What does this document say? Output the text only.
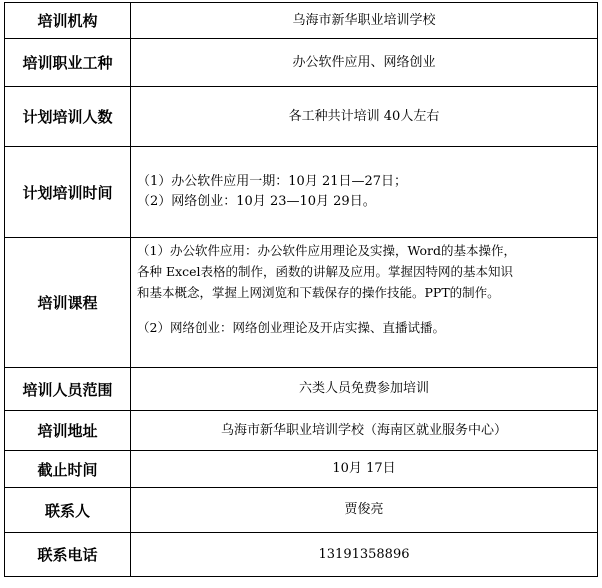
培训机构	乌海市新华职业培训学校
培训职业工种	办公软件应用、网络创业
计划培训人数	各工种共计培训 40人左右
计划培训时间	（1）办公软件应用一期：10月 21日—27日；
（2）网络创业：10月 23—10月 29日。

培训课程	（1）办公软件应用：办公软件应用理论及实操，Word的基本操作，
各种 Excel表格的制作，函数的讲解及应用。掌握因特网的基本知识
和基本概念，掌握上网浏览和下载保存的操作技能。PPT的制作。
（2）网络创业：网络创业理论及开店实操、直播试播。

培训人员范围	六类人员免费参加培训
培训地址	乌海市新华职业培训学校（海南区就业服务中心）
截止时间	10月 17日
联系人	贾俊亮
联系电话	13191358896
